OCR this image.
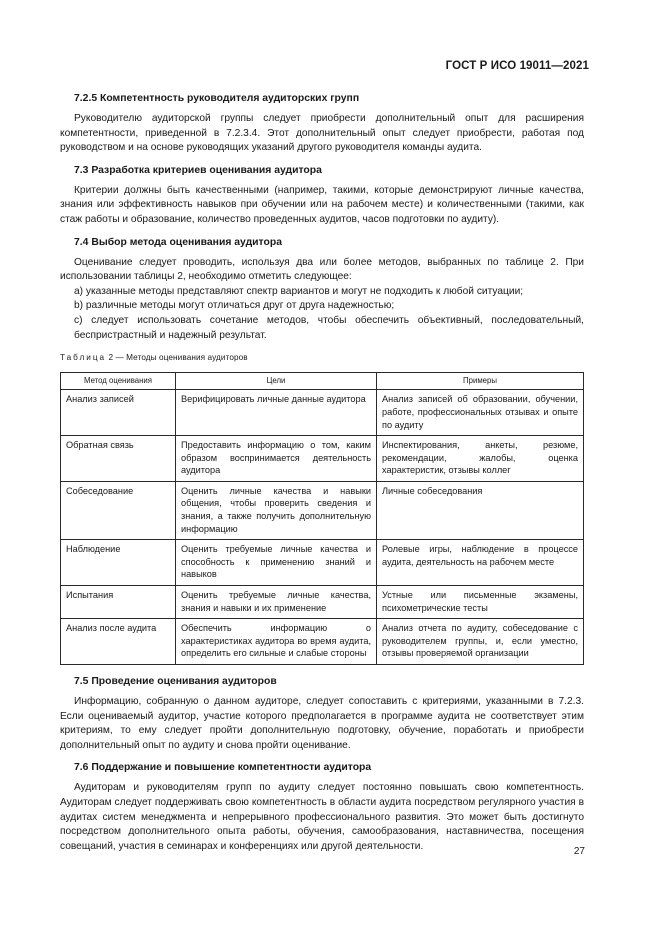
ГОСТ Р ИСО 19011—2021
7.2.5 Компетентность руководителя аудиторских групп

Руководителю аудиторской группы следует приобрести дополнительный опыт для расширения компетентности, приведенной в 7.2.3.4. Этот дополнительный опыт следует приобрести, работая под руководством и на основе руководящих указаний другого руководителя команды аудита.

7.3 Разработка критериев оценивания аудитора

Критерии должны быть качественными (например, такими, которые демонстрируют личные качества, знания или эффективность навыков при обучении или на рабочем месте) и количественными (такими, как стаж работы и образование, количество проведенных аудитов, часов подготовки по аудиту).

7.4 Выбор метода оценивания аудитора

Оценивание следует проводить, используя два или более методов, выбранных по таблице 2. При использовании таблицы 2, необходимо отметить следующее:

а) указанные методы представляют спектр вариантов и могут не подходить к любой ситуации;

b) различные методы могут отличаться друг от друга надежностью;

c) следует использовать сочетание методов, чтобы обеспечить объективный, последовательный, беспристрастный и надежный результат.

Таблица 2 — Методы оценивания аудиторов
Метод оценивания	Цели	Примеры
Анализ записей	Верифицировать личные данные аудитора	Анализ записей об образовании, обучении, работе, профессиональных отзывах и опыте по аудиту
Обратная связь	Предоставить информацию о том, каким образом воспринимается деятельность аудитора	Инспектирования, анкеты, резюме, рекомендации, жалобы, оценка характеристик, отзывы коллег
Собеседование	Оценить личные качества и навыки общения, чтобы проверить сведения и знания, а также получить дополнительную информацию	Личные собеседования
Наблюдение	Оценить требуемые личные качества и способность к применению знаний и навыков	Ролевые игры, наблюдение в процессе аудита, деятельность на рабочем месте
Испытания	Оценить требуемые личные качества, знания и навыки и их применение	Устные или письменные экзамены, психометрические тесты
Анализ после аудита	Обеспечить информацию о характеристиках аудитора во время аудита, определить его сильные и слабые стороны	Анализ отчета по аудиту, собеседование с руководителем группы, и, если уместно, отзывы проверяемой организации
7.5 Проведение оценивания аудиторов

Информацию, собранную о данном аудиторе, следует сопоставить с критериями, указанными в 7.2.3. Если оцениваемый аудитор, участие которого предполагается в программе аудита не соответствует этим критериям, то ему следует пройти дополнительную подготовку, обучение, поработать и приобрести дополнительный опыт по аудиту и снова пройти оценивание.

7.6 Поддержание и повышение компетентности аудитора

Аудиторам и руководителям групп по аудиту следует постоянно повышать свою компетентность. Аудиторам следует поддерживать свою компетентность в области аудита посредством регулярного участия в аудитах систем менеджмента и непрерывного профессионального развития. Это может быть достигнуто посредством дополнительного опыта работы, обучения, самообразования, наставничества, посещения совещаний, участия в семинарах и конференциях или другой деятельности.	27
